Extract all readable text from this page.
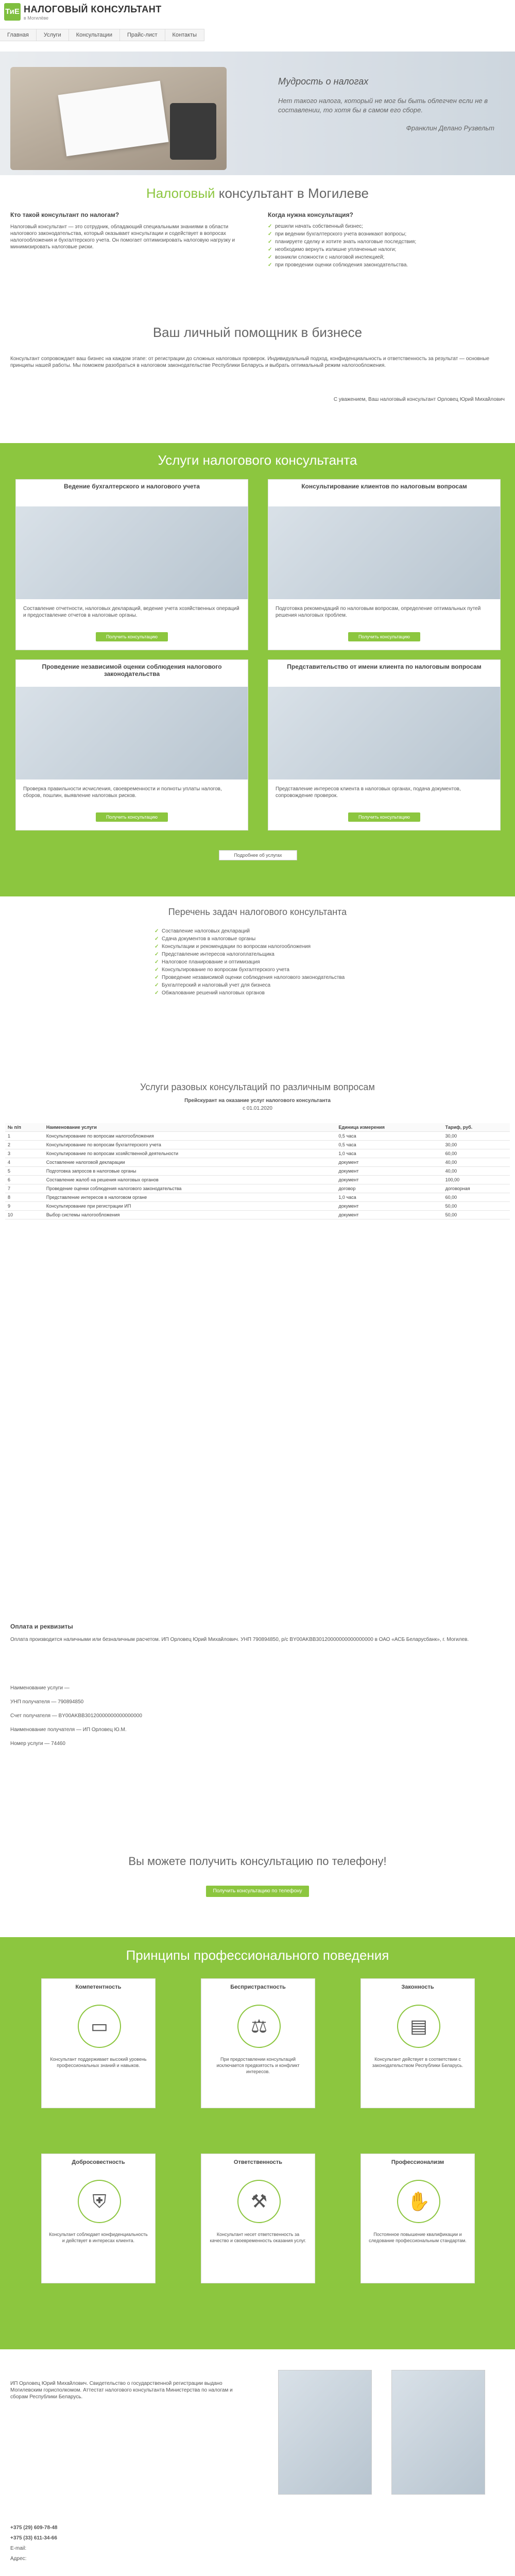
ТиЕ НАЛОГОВЫЙ КОНСУЛЬТАНТ
в Могилёве
Главная	Услуги	Консультации	Прайс-лист	Контакты
Мудрость о налогах

Нет такого налога, который не мог бы быть облегчен если не в составлении, то хотя бы в самом его сборе.

Франклин Делано Рузвельт
Налоговый консультант в Могилеве
Кто такой консультант по налогам?

Налоговый консультант — это сотрудник, обладающий специальными знаниями в области налогового законодательства, который оказывает консультации и содействует в вопросах налогообложения и бухгалтерского учета. Он помогает оптимизировать налоговую нагрузку и минимизировать налоговые риски.

Когда нужна консультация?
✓ решили начать собственный бизнес;
✓ при ведении бухгалтерского учета возникают вопросы;
✓ планируете сделку и хотите знать налоговые последствия;
✓ необходимо вернуть излишне уплаченные налоги;
✓ возникли сложности с налоговой инспекцией;
✓ при проведении оценки соблюдения законодательства.
Ваш личный помощник в бизнесе

Консультант сопровождает ваш бизнес на каждом этапе: от регистрации до сложных налоговых проверок. Индивидуальный подход, конфиденциальность и ответственность за результат — основные принципы нашей работы. Мы поможем разобраться в налоговом законодательстве Республики Беларусь и выбрать оптимальный режим налогообложения.

С уважением, Ваш налоговый консультант Орловец Юрий Михайлович
Услуги налогового консультанта
Ведение бухгалтерского и налогового учета
Составление отчетности, налоговых деклараций, ведение учета хозяйственных операций и предоставление отчетов в налоговые органы.
Получить консультацию
Консультирование клиентов по налоговым вопросам
Подготовка рекомендаций по налоговым вопросам, определение оптимальных путей решения налоговых проблем.
Получить консультацию
Проведение независимой оценки соблюдения налогового законодательства
Проверка правильности исчисления, своевременности и полноты уплаты налогов, сборов, пошлин, выявление налоговых рисков.
Получить консультацию
Представительство от имени клиента по налоговым вопросам
Представление интересов клиента в налоговых органах, подача документов, сопровождение проверок.
Получить консультацию
Подробнее об услугах
Перечень задач налогового консультанта
✓ Составление налоговых деклараций
✓ Сдача документов в налоговые органы
✓ Консультации и рекомендации по вопросам налогообложения
✓ Представление интересов налогоплательщика
✓ Налоговое планирование и оптимизация
✓ Консультирование по вопросам бухгалтерского учета
✓ Проведение независимой оценки соблюдения налогового законодательства
✓ Бухгалтерский и налоговый учет для бизнеса
✓ Обжалование решений налоговых органов
Услуги разовых консультаций по различным вопросам
Прейскурант на оказание услуг налогового консультанта
с 01.01.2020
№ п/п	Наименование услуги	Единица измерения	Тариф, руб.
1	Консультирование по вопросам налогообложения	0,5 часа	30,00
2	Консультирование по вопросам бухгалтерского учета	0,5 часа	30,00
3	Консультирование по вопросам хозяйственной деятельности	1,0 часа	60,00
4	Составление налоговой декларации	документ	40,00
5	Подготовка запросов в налоговые органы	документ	40,00
6	Составление жалоб на решения налоговых органов	документ	100,00
7	Проведение оценки соблюдения налогового законодательства	договор	договорная
8	Представление интересов в налоговом органе	1,0 часа	60,00
9	Консультирование при регистрации ИП	документ	50,00
10	Выбор системы налогообложения	документ	50,00
Оплата и реквизиты

Оплата производится наличными или безналичным расчетом. ИП Орловец Юрий Михайлович. УНП 790894850, р/с BY00AKBB30120000000000000000 в ОАО «АСБ Беларусбанк», г. Могилев.

Наименование услуги —
УНП получателя — 790894850
Счет получателя — BY00AKBB30120000000000000000
Наименование получателя — ИП Орловец Ю.М.
Номер услуги — 74460
Вы можете получить консультацию по телефону!
Получить консультацию по телефону
Принципы профессионального поведения
Компетентность
▭
Консультант поддерживает высокий уровень профессиональных знаний и навыков.
Беспристрастность
⚖
При предоставлении консультаций исключается предвзятость и конфликт интересов.
Законность
▤
Консультант действует в соответствии с законодательством Республики Беларусь.
Добросовестность
⛨
Консультант соблюдает конфиденциальность и действует в интересах клиента.
Ответственность
⚒
Консультант несет ответственность за качество и своевременность оказания услуг.
Профессионализм
✋
Постоянное повышение квалификации и следование профессиональным стандартам.

ИП Орловец Юрий Михайлович. Свидетельство о государственной регистрации выдано Могилевским горисполкомом. Аттестат налогового консультанта Министерства по налогам и сборам Республики Беларусь.

+375 (29) 609-78-48
+375 (33) 611-34-66
E-mail:
Адрес:
